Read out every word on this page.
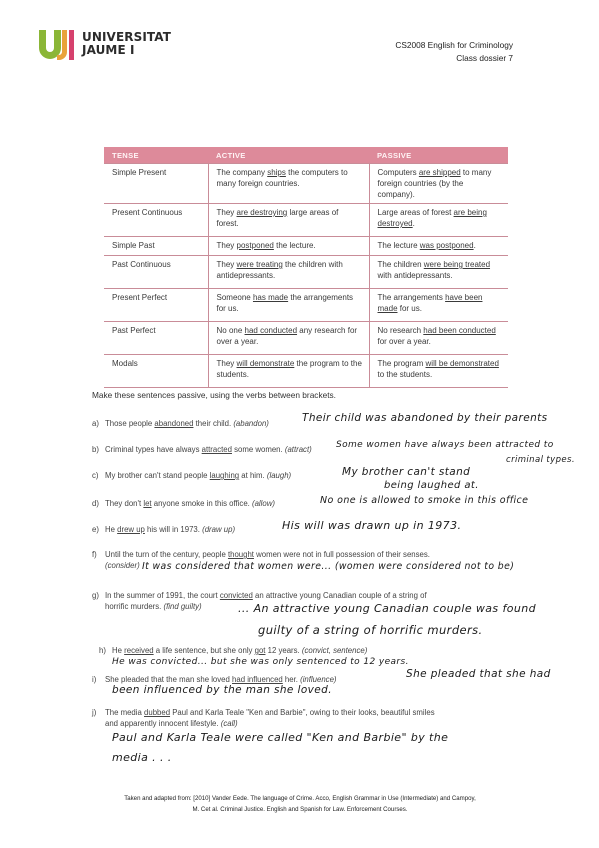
UNIVERSITAT
JAUME I	CS2008 English for Criminology
Class dossier 7
TENSE	ACTIVE	PASSIVE
Simple Present	The company ships the computers to many foreign countries.	Computers are shipped to many foreign countries (by the company).
Present Continuous	They are destroying large areas of forest.	Large areas of forest are being destroyed.
Simple Past	They postponed the lecture.	The lecture was postponed.
Past Continuous	They were treating the children with antidepressants.	The children were being treated with antidepressants.
Present Perfect	Someone has made the arrangements for us.	The arrangements have been made for us.
Past Perfect	No one had conducted any research for over a year.	No research had been conducted for over a year.
Modals	They will demonstrate the program to the students.	The program will be demonstrated to the students.
Make these sentences passive, using the verbs between brackets.
a) Those people abandoned their child. (abandon)	Their child was abandoned by their parents
b) Criminal types have always attracted some women. (attract)	Some women have always been attracted to
criminal types.
c) My brother can't stand people laughing at him. (laugh)	My brother can't stand
being laughed at.
d) They don't let anyone smoke in this office. (allow)	No one is allowed to smoke in this office
e) He drew up his will in 1973. (draw up)	His will was drawn up in 1973.
f) Until the turn of the century, people thought women were not in full possession of their senses.
(consider) It was considered that women were... (women were considered not to be)
g) In the summer of 1991, the court convicted an attractive young Canadian couple of a string of
horrific murders. (find guilty)	... An attractive young Canadian couple was found
guilty of a string of horrific murders.
h) He received a life sentence, but she only got 12 years. (convict, sentence)
He was convicted... but she was only sentenced to 12 years.
i) She pleaded that the man she loved had influenced her. (influence)	She pleaded that she had
been influenced by the man she loved.
j) The media dubbed Paul and Karla Teale "Ken and Barbie", owing to their looks, beautiful smiles
and apparently innocent lifestyle. (call)
Paul and Karla Teale were called "Ken and Barbie" by the
media . . .
Taken and adapted from: [2010] Vander Eede. The language of Crime. Acco, English Grammar in Use (Intermediate) and Campoy,
M. Cet al. Criminal Justice. English and Spanish for Law. Enforcement Courses.
